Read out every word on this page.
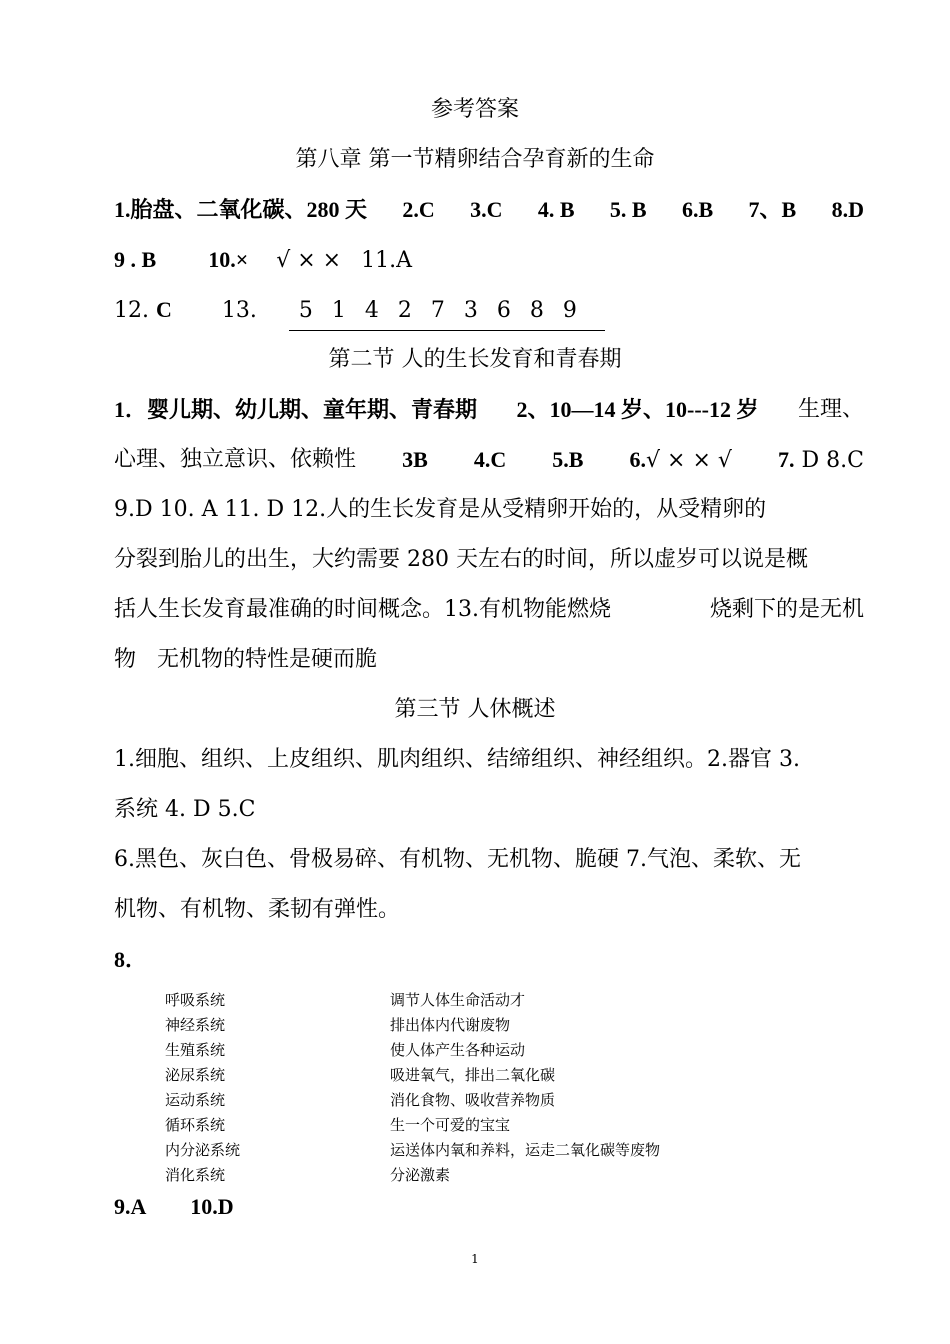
参考答案
第八章 第一节精卵结合孕育新的生命
1.胎盘、二氧化碳、280 天 2.C 3.C 4. B 5. B 6.B 7、B 8.D
9 . B 10.× √ × × 11.A
12. C 13. 5 1 4 2 7 3 6 8 9
第二节 人的生长发育和青春期
1．婴儿期、幼儿期、童年期、青春期 2、10—14 岁、10---12 岁 生理、
心理、独立意识、依赖性 3B 4.C 5.B 6.√ × × √ 7. D 8.C
9.D 10. A 11. D 12.人的生长发育是从受精卵开始的，从受精卵的
分裂到胎儿的出生，大约需要 280 天左右的时间，所以虚岁可以说是概
括人生长发育最准确的时间概念。13.有机物能燃烧	烧剩下的是无机
物   无机物的特性是硬而脆
第三节 人休概述
1.细胞、组织、上皮组织、肌肉组织、结缔组织、神经组织。2.器官 3.
系统 4. D 5.C
6.黑色、灰白色、骨极易碎、有机物、无机物、脆硬 7.气泡、柔软、无
机物、有机物、柔韧有弹性。
8．
呼吸系统
神经系统
生殖系统
泌尿系统
运动系统
循环系统
内分泌系统
消化系统
调节人体生命活动才
排出体内代谢废物
使人体产生各种运动
吸进氧气，排出二氧化碳
消化食物、吸收营养物质
生一个可爱的宝宝
运送体内氧和养料，运走二氧化碳等废物
分泌激素
9.A 10.D
1
